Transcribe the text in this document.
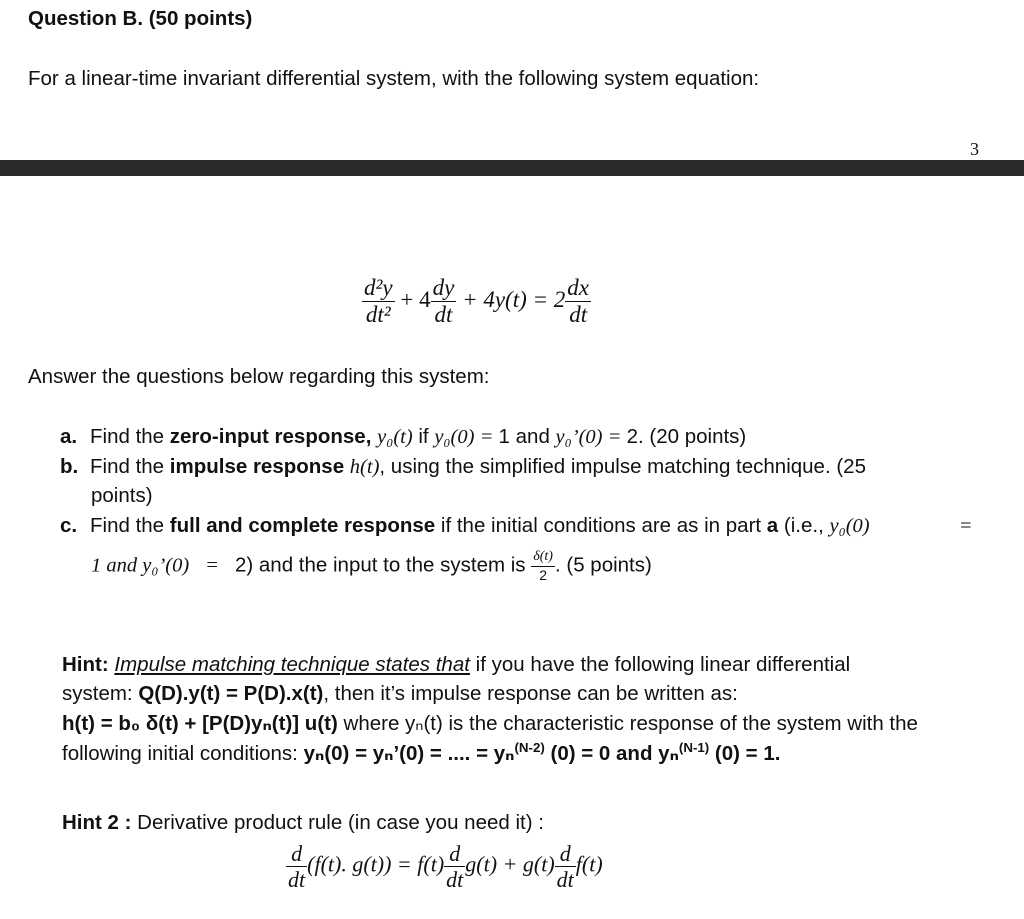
Question B. (50 points)
For a linear-time invariant differential system, with the following system equation:
3
$\frac{\text{d²y}}{\text{dt²}} + 4 \frac{dy}{dt} + 4y(t) = 2 \frac{dx}{dt}$
Answer the questions below regarding this system:
a. Find the zero-input response, y₀(t) if y₀(0) = 1 and y₀’(0) = 2. (20 points)
b. Find the impulse response h(t), using the simplified impulse matching technique. (25
points)
c. Find the full and complete response if the initial conditions are as in part a (i.e., y₀(0)	=
1 and y₀’(0) = 2) and the input to the system is $\frac{\delta(t)}{2}$ . (5 points)
Hint: Impulse matching technique states that if you have the following linear differential
system: Q(D).y(t) = P(D).x(t), then it’s impulse response can be written as:
h(t) = b₀ δ(t) + [P(D)yₙ(t)] u(t) where yₙ(t) is the characteristic response of the system with the
following initial conditions: yₙ(0) = yₙ’(0) = .... = yₙ$^{(N-2)}$ (0) = 0 and yₙ$^{(N-1)}$ (0) = 1.
Hint 2 : Derivative product rule (in case you need it) :
$\frac{d}{dt} (f(t)$. $g(t)) = f(t) \frac{d}{dt} g(t) + g(t) \frac{d}{dt} f(t)$
